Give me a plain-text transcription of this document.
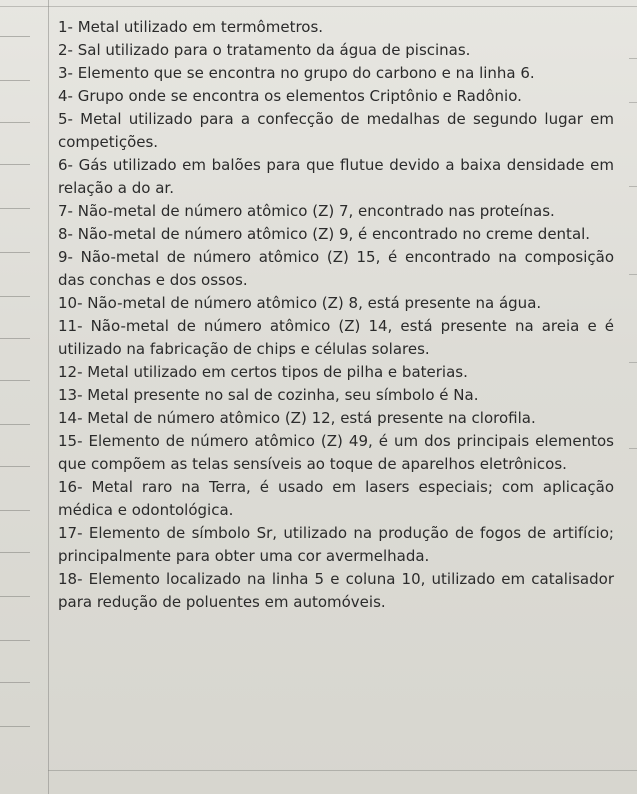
1- Metal utilizado em termômetros.

2- Sal utilizado para o tratamento da água de piscinas.

3- Elemento que se encontra no grupo do carbono e na linha 6.

4- Grupo onde se encontra os elementos Criptônio e Radônio.

5- Metal utilizado para a confecção de medalhas de segundo lugar em competições.

6- Gás utilizado em balões para que flutue devido a baixa densidade em relação a do ar.

7- Não-metal de número atômico (Z) 7, encontrado nas proteínas.

8- Não-metal de número atômico (Z) 9, é encontrado no creme dental.

9- Não-metal de número atômico (Z) 15, é encontrado na composição das conchas e dos ossos.

10- Não-metal de número atômico (Z) 8, está presente na água.

11- Não-metal de número atômico (Z) 14, está presente na areia e é utilizado na fabricação de chips e células solares.

12- Metal utilizado em certos tipos de pilha e baterias.

13- Metal presente no sal de cozinha, seu símbolo é Na.

14- Metal de número atômico (Z) 12, está presente na clorofila.

15- Elemento de número atômico (Z) 49, é um dos principais elementos que compõem as telas sensíveis ao toque de aparelhos eletrônicos.

16- Metal raro na Terra, é usado em lasers especiais; com aplicação médica e odontológica.

17- Elemento de símbolo Sr, utilizado na produção de fogos de artifício; principalmente para obter uma cor avermelhada.

18- Elemento localizado na linha 5 e coluna 10, utilizado em catalisador para redução de poluentes em automóveis.
